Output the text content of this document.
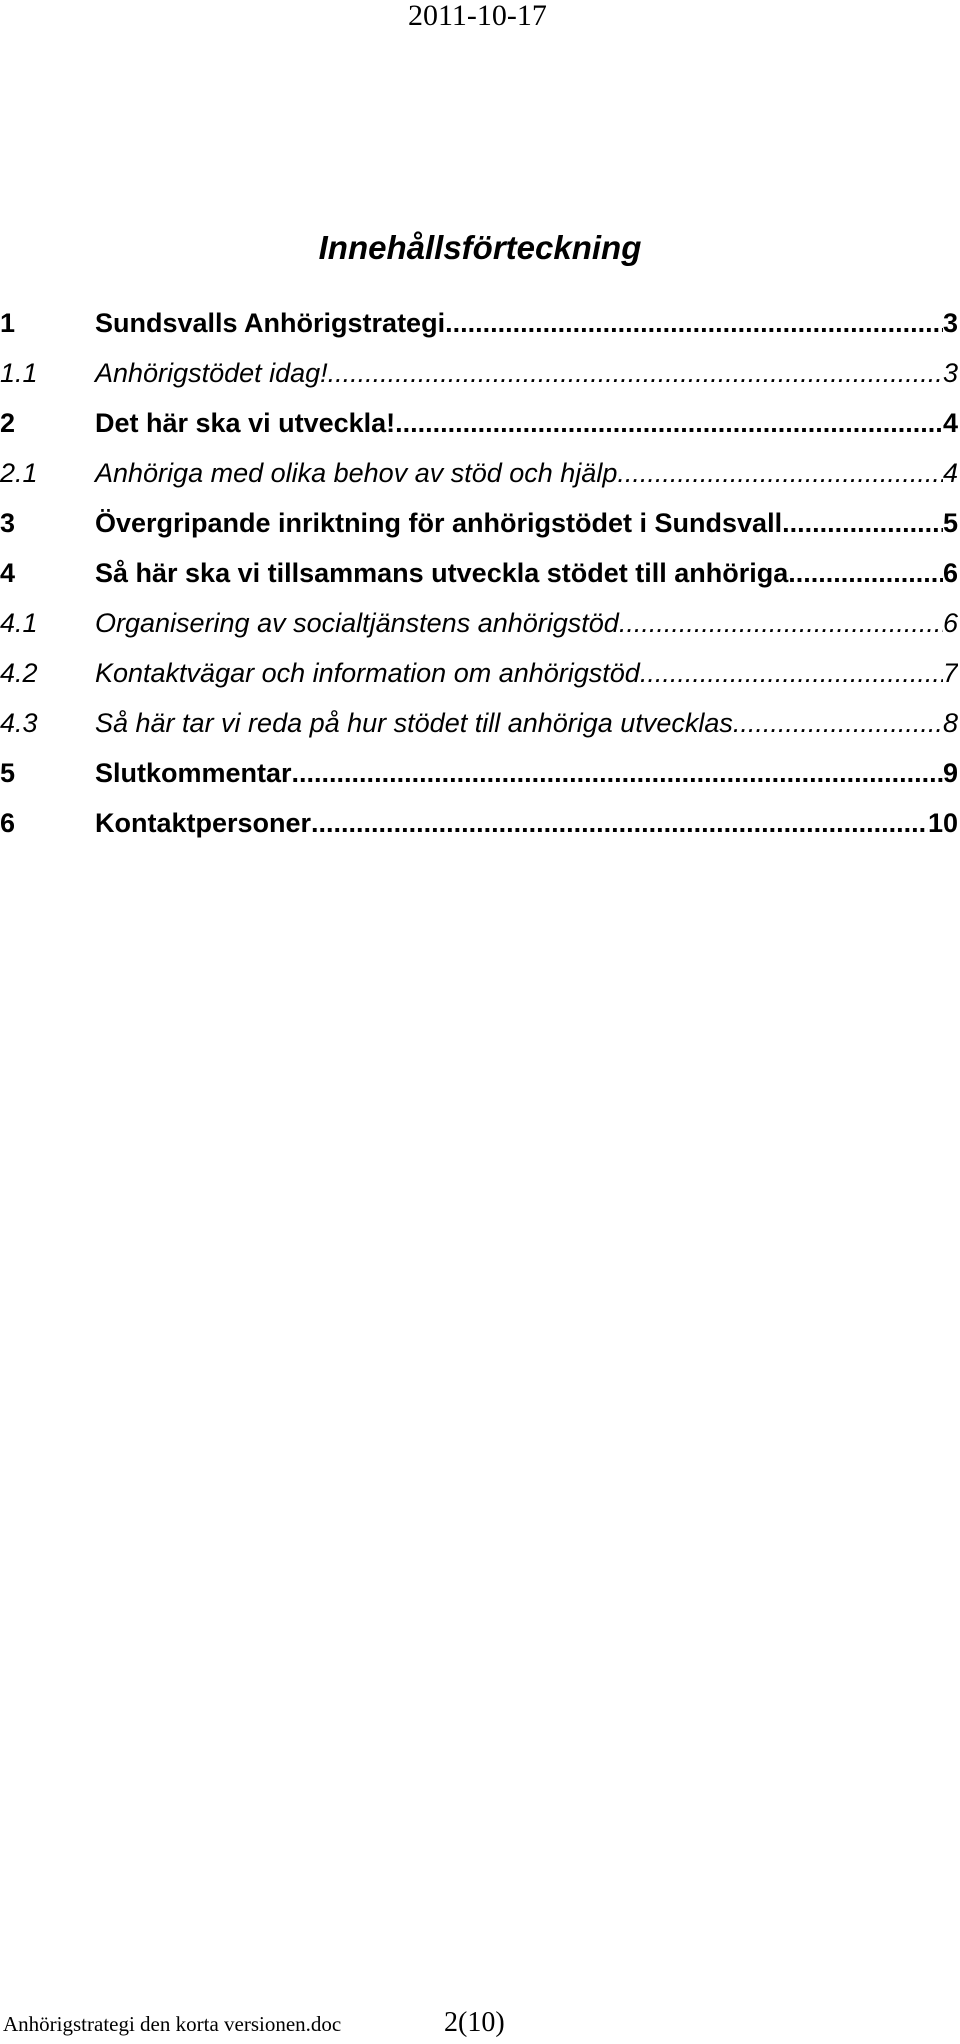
2011-10-17
Innehållsförteckning
1	Sundsvalls Anhörigstrategi .....	3
1.1	Anhörigstödet idag! .....	3
2	Det här ska vi utveckla! .....	4
2.1	Anhöriga med olika behov av stöd och hjälp .....	4
3	Övergripande inriktning för anhörigstödet i Sundsvall .....	5
4	Så här ska vi tillsammans utveckla stödet till anhöriga .....	6
4.1	Organisering av socialtjänstens anhörigstöd .....	6
4.2	Kontaktvägar och information om anhörigstöd .....	7
4.3	Så här tar vi reda på hur stödet till anhöriga utvecklas .....	8
5	Slutkommentar .....	9
6	Kontaktpersoner .....	10
Anhörigstrategi den korta versionen.doc	2(10)
